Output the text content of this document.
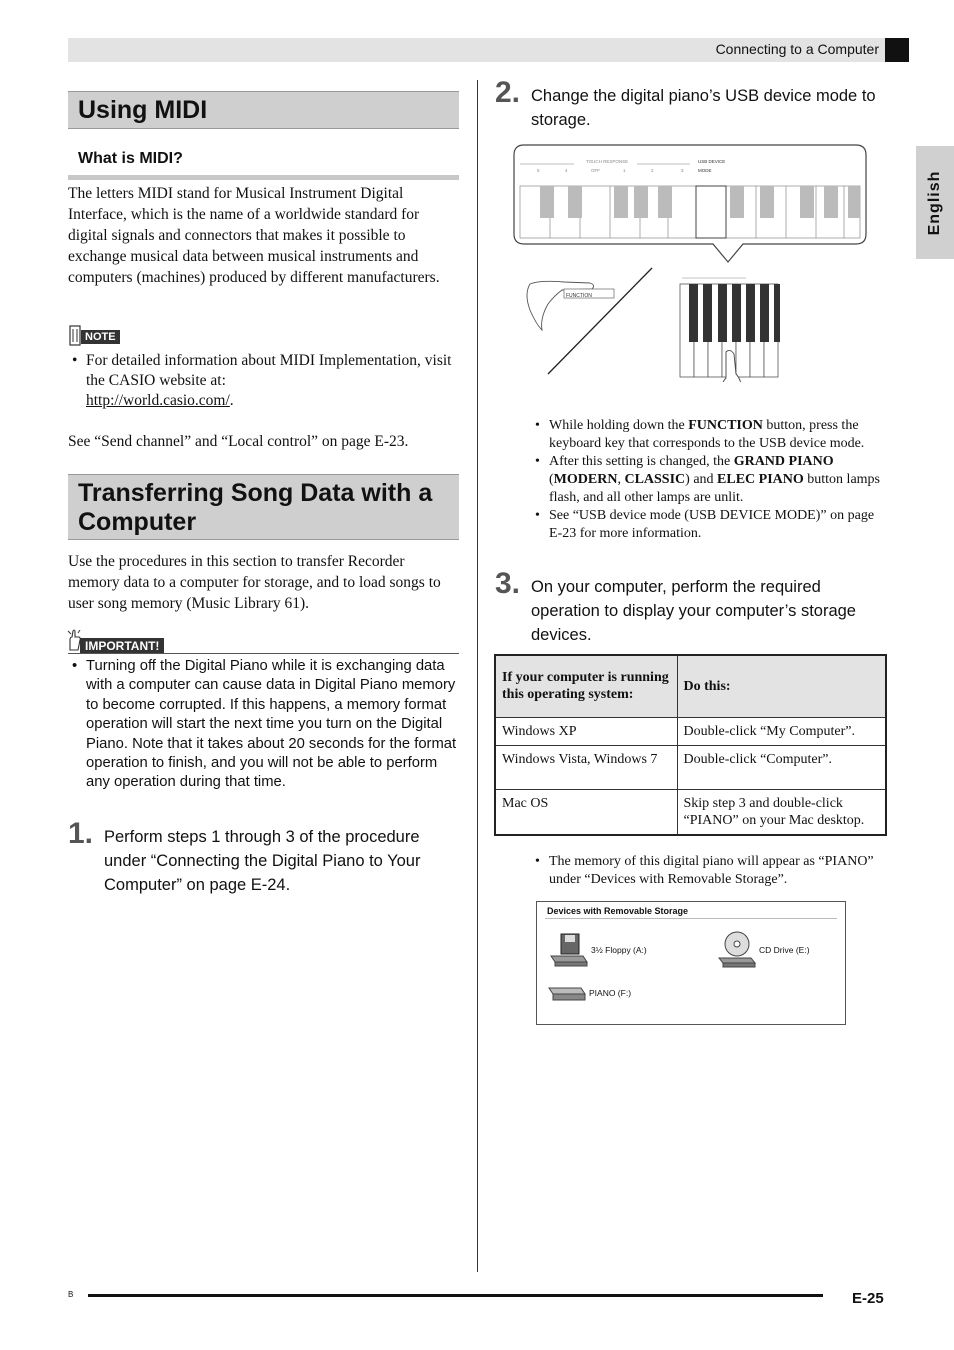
Connecting to a Computer
English
Using MIDI
What is MIDI?
The letters MIDI stand for Musical Instrument Digital Interface, which is the name of a worldwide standard for digital signals and connectors that makes it possible to exchange musical data between musical instruments and computers (machines) produced by different manufacturers.
NOTE
• For detailed information about MIDI Implementation, visit the CASIO website at:
http://world.casio.com/.
See “Send channel” and “Local control” on page E-23.
Transferring Song Data with a Computer
Use the procedures in this section to transfer Recorder memory data to a computer for storage, and to load songs to user song memory (Music Library 61).
IMPORTANT!
• Turning off the Digital Piano while it is exchanging data with a computer can cause data in Digital Piano memory to become corrupted. If this happens, a memory format operation will start the next time you turn on the Digital Piano. Note that it takes about 20 seconds for the format operation to finish, and you will not be able to perform any operation during that time.
1. Perform steps 1 through 3 of the procedure under “Connecting the Digital Piano to Your Computer” on page E-24.
2. Change the digital piano’s USB device mode to storage.
TOUCH RESPONSE	USB DEVICE
MODE
OFF
5	4	1	2	3
FUNCTION
• While holding down the FUNCTION button, press the keyboard key that corresponds to the USB device mode.
• After this setting is changed, the GRAND PIANO (MODERN, CLASSIC) and ELEC PIANO button lamps flash, and all other lamps are unlit.
• See “USB device mode (USB DEVICE MODE)” on page E-23 for more information.
3. On your computer, perform the required operation to display your computer’s storage devices.
If your computer is running this operating system:	Do this:
Windows XP	Double-click “My Computer”.
Windows Vista, Windows 7	Double-click “Computer”.
Mac OS	Skip step 3 and double-click “PIANO” on your Mac desktop.
• The memory of this digital piano will appear as “PIANO” under “Devices with Removable Storage”.
Devices with Removable Storage
3½ Floppy (A:)	CD Drive (E:)
PIANO (F:)
B	E-25
